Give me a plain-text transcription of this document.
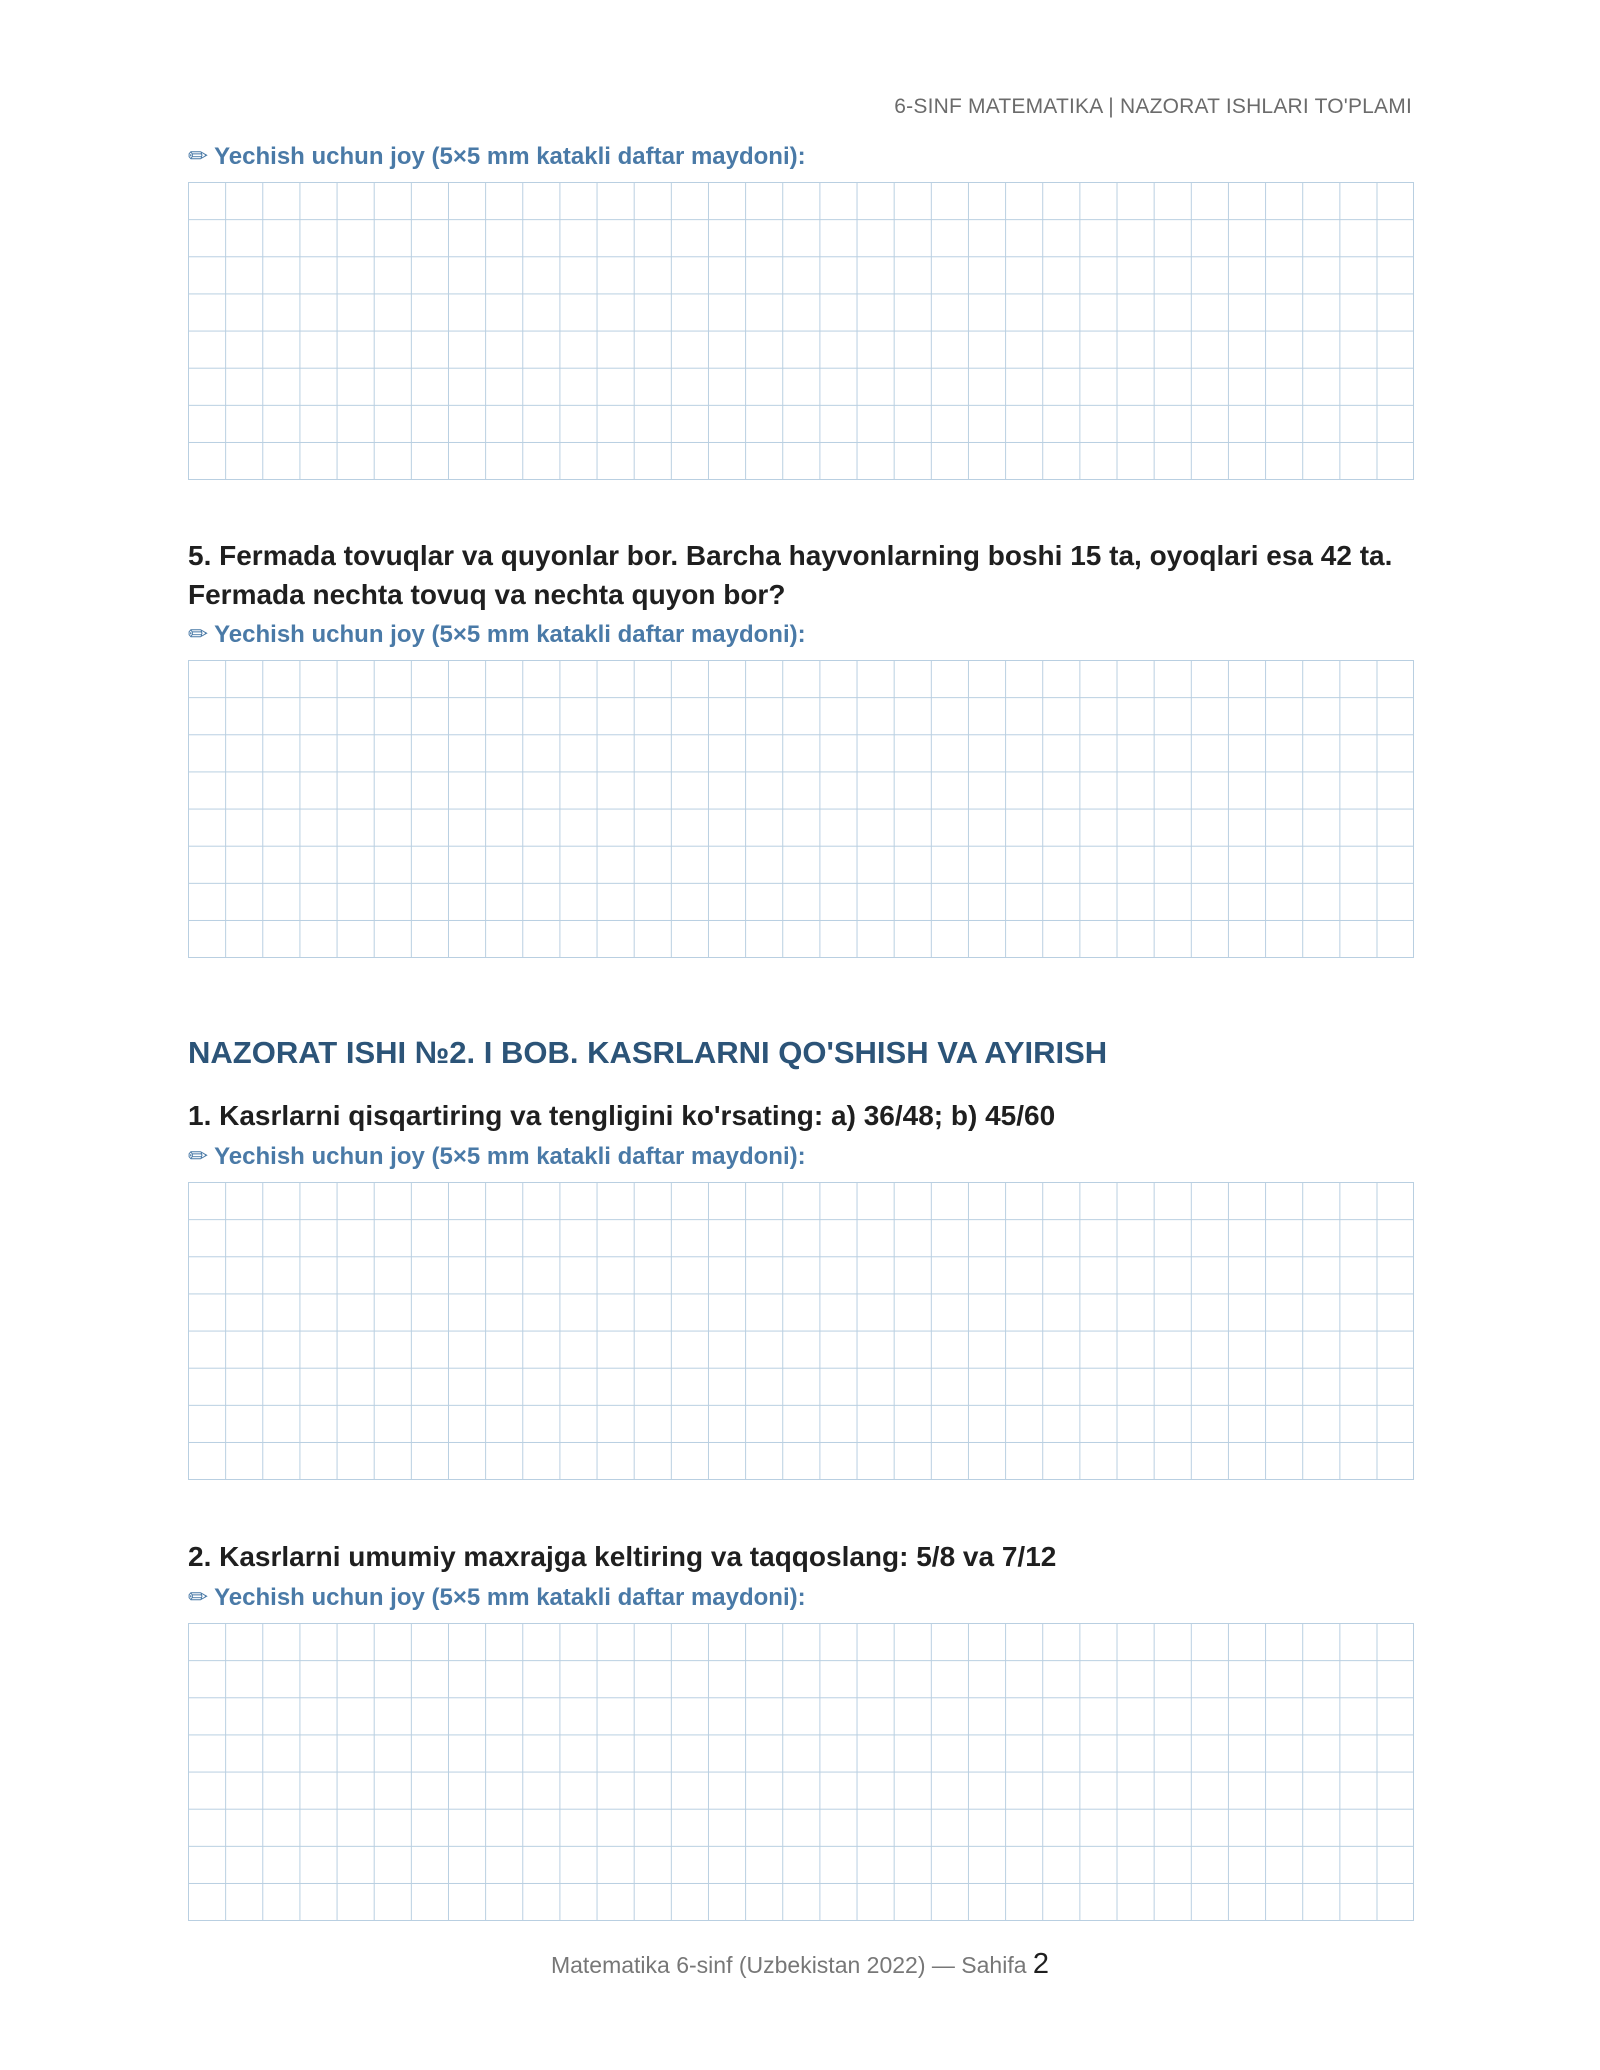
6-SINF MATEMATIKA | NAZORAT ISHLARI TO'PLAMI
✏ Yechish uchun joy (5×5 mm katakli daftar maydoni):
5. Fermada tovuqlar va quyonlar bor. Barcha hayvonlarning boshi 15 ta, oyoqlari esa 42 ta. Fermada nechta tovuq va nechta quyon bor?
✏ Yechish uchun joy (5×5 mm katakli daftar maydoni):
NAZORAT ISHI №2. I BOB. KASRLARNI QO'SHISH VA AYIRISH
1. Kasrlarni qisqartiring va tengligini ko'rsating: a) 36/48; b) 45/60
✏ Yechish uchun joy (5×5 mm katakli daftar maydoni):
2. Kasrlarni umumiy maxrajga keltiring va taqqoslang: 5/8 va 7/12
✏ Yechish uchun joy (5×5 mm katakli daftar maydoni):
Matematika 6-sinf (Uzbekistan 2022) — Sahifa 2
